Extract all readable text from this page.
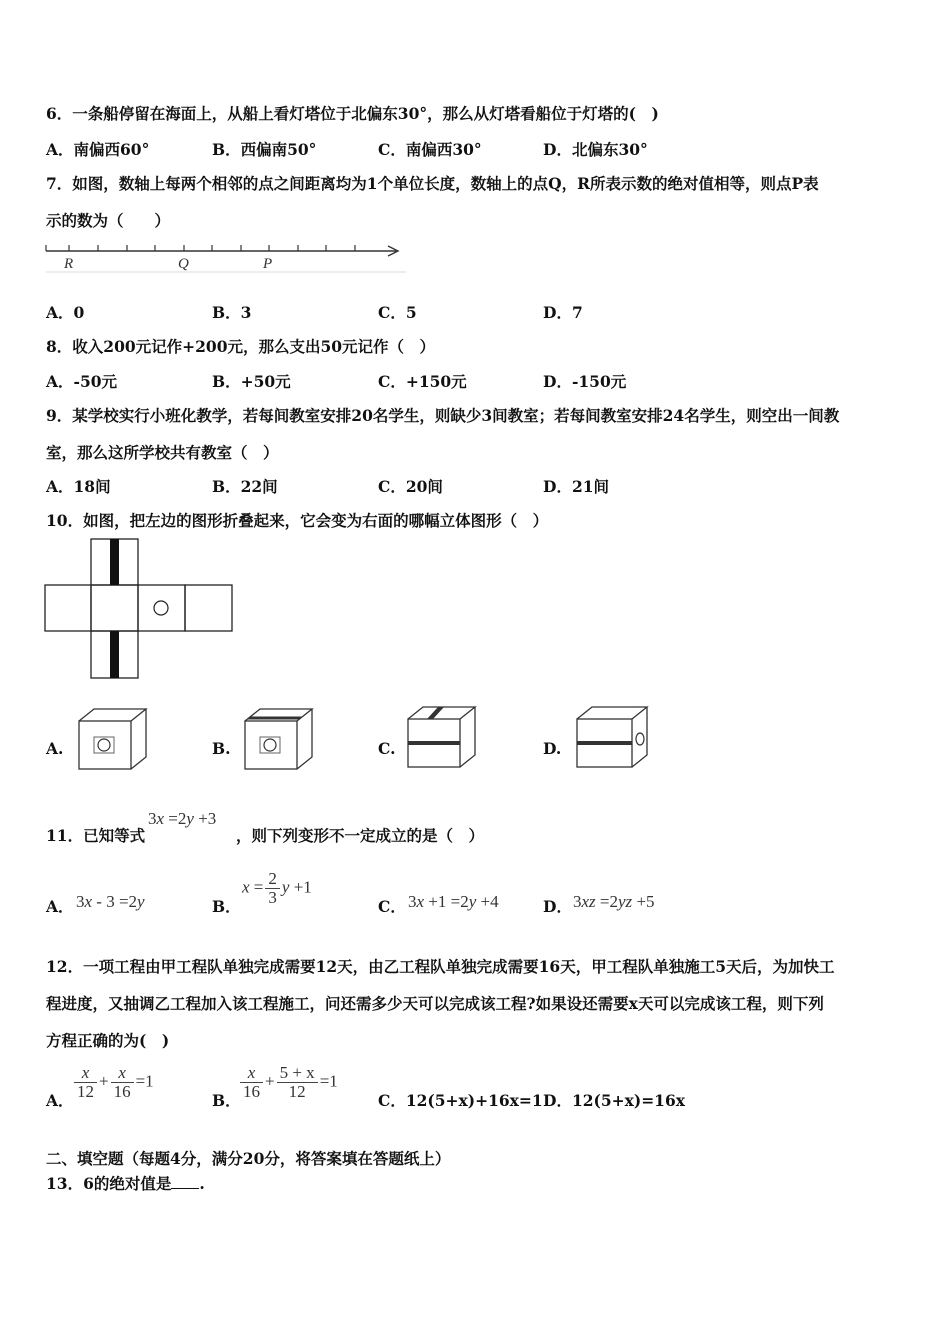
6．一条船停留在海面上，从船上看灯塔位于北偏东30°，那么从灯塔看船位于灯塔的(　)
A．南偏西60°	B．西偏南50°	C．南偏西30°	D．北偏东30°
7．如图，数轴上每两个相邻的点之间距离均为1个单位长度，数轴上的点Q，R所表示数的绝对值相等，则点P表
示的数为（　　）
R	Q	P
A．0	B．3	C．5	D．7
8．收入200元记作+200元，那么支出50元记作（　）
A．-50元	B．+50元	C．+150元	D．-150元
9．某学校实行小班化教学，若每间教室安排20名学生，则缺少3间教室；若每间教室安排24名学生，则空出一间教
室，那么这所学校共有教室（　）
A．18间	B．22间	C．20间	D．21间
10．如图，把左边的图形折叠起来，它会变为右面的哪幅立体图形（　）
A.	B.	C.	D.
11．已知等式
3x =2y +3
，则下列变形不一定成立的是（　）
A． 3x - 3 =2y	B．
$x = \frac{2}{3}$ y +1
C． 3x +1 =2y +4	D． 3xz =2yz +5
12．一项工程由甲工程队单独完成需要12天，由乙工程队单独完成需要16天，甲工程队单独施工5天后，为加快工
程进度，又抽调乙工程加入该工程施工，问还需多少天可以完成该工程?如果设还需要x天可以完成该工程，则下列
方程正确的为(　)
A． $\frac{x}{12} + \frac{x}{16} =1$
B． $\frac{x}{16} + \frac{5 + x}{12} =1$
C．12(5+x)+16x=1 D．12(5+x)=16x
二、填空题（每题4分，满分20分，将答案填在答题纸上）
13．6的绝对值是 .
